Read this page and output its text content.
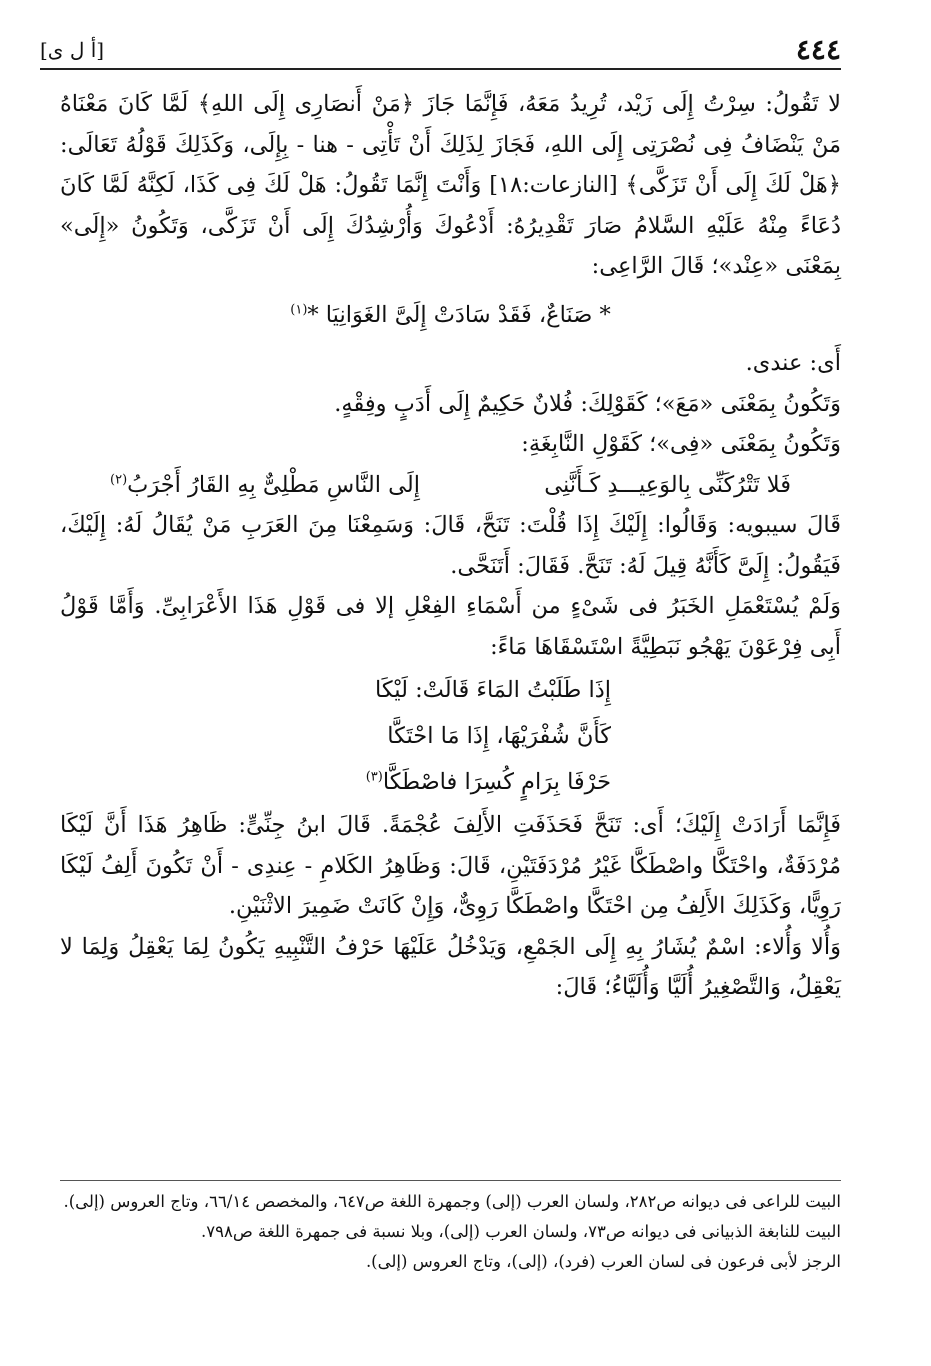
[أ ل ى]	٤٤٤

لا تَقُولُ: سِرْتُ إِلَى زَيْد، تُرِيدُ مَعَهُ، فَإِنَّمَا جَازَ ﴿مَنْ أَنصَارِى إِلَى اللهِ﴾ لَمَّا كَانَ مَعْنَاهُ مَنْ يَنْضَافُ فِى نُصْرَتِى إِلَى اللهِ، فَجَازَ لِذَلِكَ أَنْ تَأْتِى - هنا - بِإِلَى، وَكَذَلِكَ قَوْلُهُ تَعَالَى: ﴿هَلْ لَكَ إِلَى أَنْ تَزَكَّى﴾ [النازعات:١٨] وَأَنْتَ إِنَّمَا تَقُولُ: هَلْ لَكَ فِى كَذَا، لَكِنَّهُ لَمَّا كَانَ دُعَاءً مِنْهُ عَلَيْهِ السَّلامُ صَارَ تَقْدِيرُهُ: أَدْعُوكَ وَأُرْشِدُكَ إِلَى أَنْ تَزَكَّى، وَتَكُونُ «إِلَى» بِمَعْنَى «عِنْد»؛ قَالَ الرَّاعِى:

* صَنَاعٌ، فَقَدْ سَادَتْ إِلَىَّ الغَوَانِيَا *$^{(١)}$

أَى: عندى.

وَتَكُونُ بِمَعْنَى «مَعَ»؛ كَقَوْلِكَ: فُلانٌ حَكِيمٌ إِلَى أَدَبٍ وفِقْهٍ.

وَتَكُونُ بِمَعْنَى «فِى»؛ كَقَوْلِ النَّابِغَةِ:

فَلا تَتْرُكَنِّى بِالوَعِيـــدِ كَـأَنَّنِى
إِلَى النَّاسِ مَطْلِىٌّ بِهِ القَارُ أَجْرَبُ$^{(٢)}$

قَالَ سيبويه: وَقَالُوا: إِلَيْكَ إِذَا قُلْتَ: تَنَحَّ، قَالَ: وَسَمِعْنَا مِنَ العَرَبِ مَنْ يُقَالُ لَهُ: إِلَيْكَ، فَيَقُولُ: إِلَىَّ كَأَنَّهُ قِيلَ لَهُ: تَنَحَّ. فَقَالَ: أَتَنَحَّى.

وَلَمْ يُسْتَعْمَلِ الخَبَرُ فى شَىْءٍ من أَسْمَاءِ الفِعْلِ إلا فى قَوْلِ هَذَا الأَعْرَابِىِّ. وَأَمَّا قَوْلُ أَبِى فِرْعَوْنَ يَهْجُو نَبَطِيَّةً اسْتَسْقَاهَا مَاءً:

إِذَا طَلَبْتُ المَاءَ قَالَتْ: لَيْكَا
كَأَنَّ شُفْرَيْهَا، إِذَا مَا احْتَكَّا
حَرْفَا بِرَامٍ كُسِرَا فاصْطَكَّا$^{(٣)}$

فَإِنَّمَا أَرَادَتْ إِلَيْكَ؛ أَى: تَنَحَّ فَحَذَفَتِ الأَلِفَ عُجْمَةً. قَالَ ابنُ جِنِّىٍّ: ظَاهِرُ هَذَا أَنَّ لَيْكَا مُرْدَفَةٌ، واحْتَكَّا واصْطَكَّا غَيْرُ مُرْدَفَتَيْنِ، قَالَ: وَظَاهِرُ الكَلامِ - عِندِى - أَنْ تَكُونَ أَلِفُ لَيْكَا رَوِيًّا، وَكَذَلِكَ الأَلِفُ مِن احْتَكَّا واصْطَكَّا رَوِىٌّ، وَإِنْ كَانَتْ ضَمِيرَ الاثْنَيْنِ.

وَأُلا وَأُلاء: اسْمٌ يُشَارُ بِهِ إِلَى الجَمْعِ، وَيَدْخُلُ عَلَيْهَا حَرْفُ التَّنْبِيهِ يَكُونُ لِمَا يَعْقِلُ وَلِمَا لا يَعْقِلُ، وَالتَّصْغِيرُ أُلَيَّا وَأُلَيَّاءُ؛ قَالَ:

البيت للراعى فى ديوانه ص٢٨٢، ولسان العرب (إلى) وجمهرة اللغة ص٦٤٧، والمخصص ٦٦/١٤، وتاج العروس (إلى).

البيت للنابغة الذبيانى فى ديوانه ص٧٣، ولسان العرب (إلى)، وبلا نسبة فى جمهرة اللغة ص٧٩٨.

الرجز لأبى فرعون فى لسان العرب (فرد)، (إلى)، وتاج العروس (إلى).
